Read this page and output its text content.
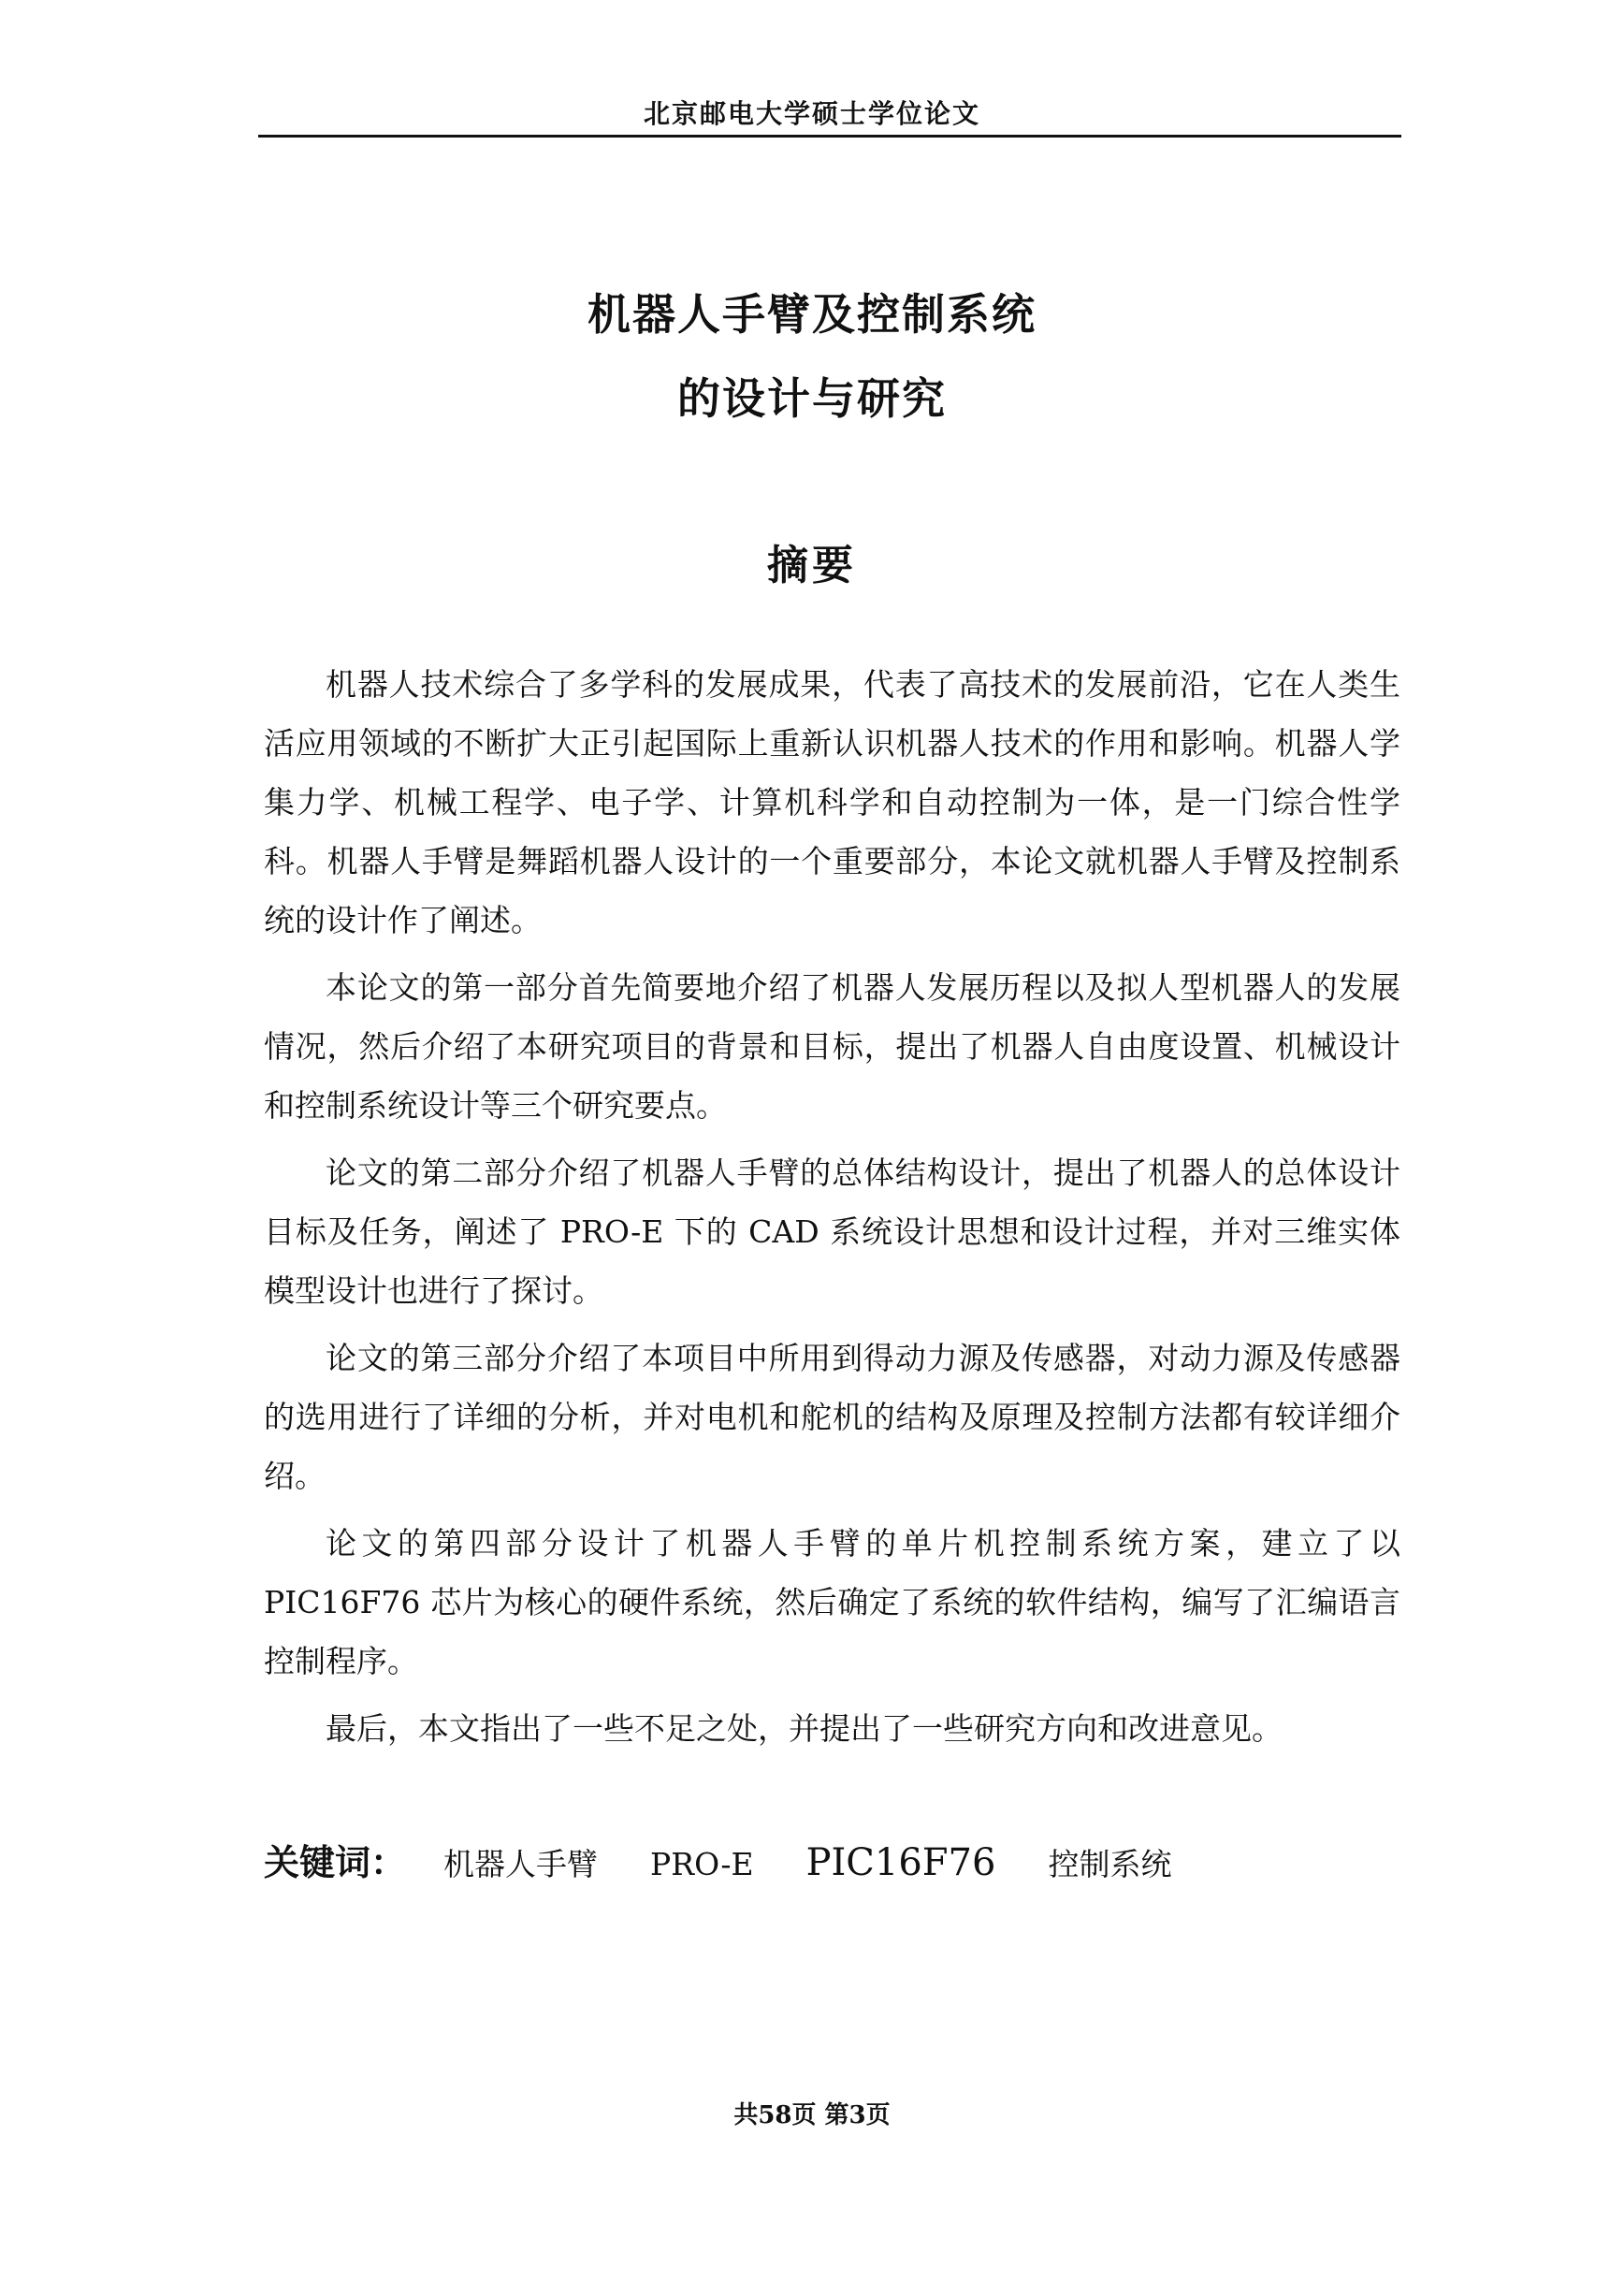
北京邮电大学硕士学位论文
机器人手臂及控制系统
的设计与研究
摘要

机器人技术综合了多学科的发展成果，代表了高技术的发展前沿，它在人类生活应用领域的不断扩大正引起国际上重新认识机器人技术的作用和影响。机器人学集力学、机械工程学、电子学、计算机科学和自动控制为一体，是一门综合性学科。机器人手臂是舞蹈机器人设计的一个重要部分，本论文就机器人手臂及控制系统的设计作了阐述。

本论文的第一部分首先简要地介绍了机器人发展历程以及拟人型机器人的发展情况，然后介绍了本研究项目的背景和目标，提出了机器人自由度设置、机械设计和控制系统设计等三个研究要点。

论文的第二部分介绍了机器人手臂的总体结构设计，提出了机器人的总体设计目标及任务，阐述了 PRO-E 下的 CAD 系统设计思想和设计过程，并对三维实体模型设计也进行了探讨。

论文的第三部分介绍了本项目中所用到得动力源及传感器，对动力源及传感器的选用进行了详细的分析，并对电机和舵机的结构及原理及控制方法都有较详细介绍。

论文的第四部分设计了机器人手臂的单片机控制系统方案，建立了以 PIC16F76 芯片为核心的硬件系统，然后确定了系统的软件结构，编写了汇编语言控制程序。

最后，本文指出了一些不足之处，并提出了一些研究方向和改进意见。

关键词： 机器人手臂 PRO-E PIC16F76 控制系统
共58页 第3页
